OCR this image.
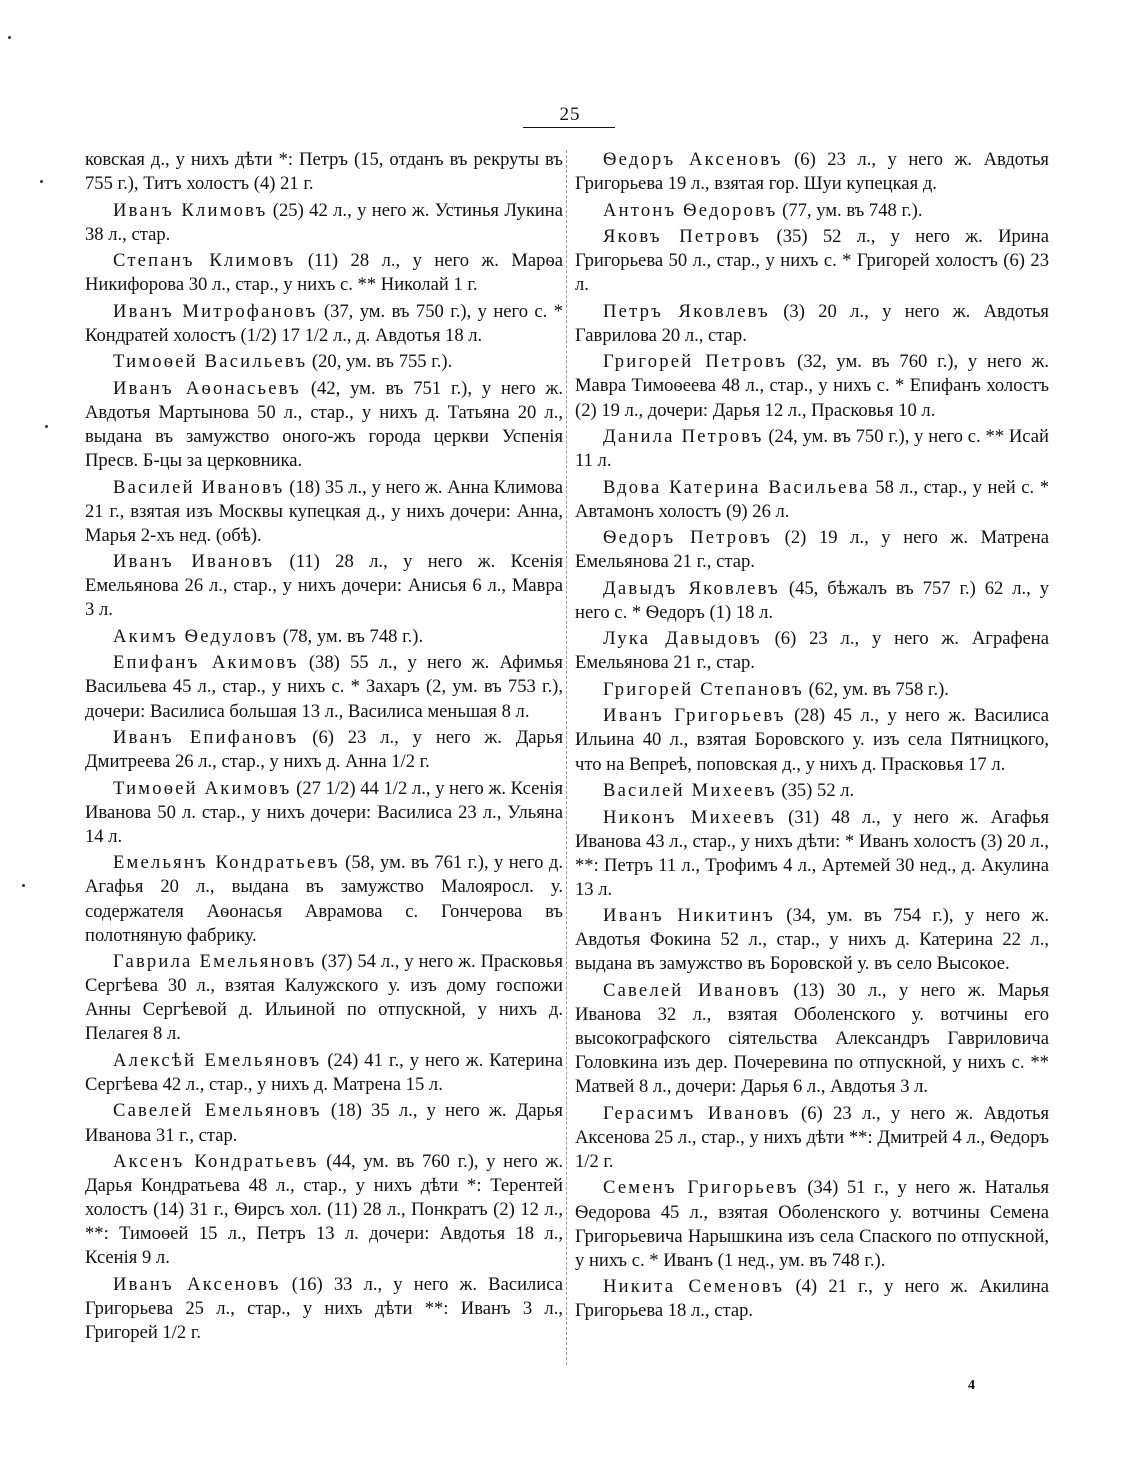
25

ковская д., у нихъ дѣти *: Петръ (15, отданъ въ рекруты въ 755 г.), Титъ холостъ (4) 21 г.

Иванъ Климовъ (25) 42 л., у него ж. Устинья Лукина 38 л., стар.

Степанъ Климовъ (11) 28 л., у него ж. Марѳа Никифорова 30 л., стар., у нихъ с. ** Николай 1 г.

Иванъ Митрофановъ (37, ум. въ 750 г.), у него с. * Кондратей холостъ (1/2) 17 1/2 л., д. Авдотья 18 л.

Тимоѳей Васильевъ (20, ум. въ 755 г.).

Иванъ Аѳонасьевъ (42, ум. въ 751 г.), у него ж. Авдотья Мартынова 50 л., стар., у нихъ д. Татьяна 20 л., выдана въ замужство оного-жъ города церкви Успенія Пресв. Б-цы за церковника.

Василей Ивановъ (18) 35 л., у него ж. Анна Климова 21 г., взятая изъ Москвы купецкая д., у нихъ дочери: Анна, Марья 2-хъ нед. (обѣ).

Иванъ Ивановъ (11) 28 л., у него ж. Ксенія Емельянова 26 л., стар., у нихъ дочери: Анисья 6 л., Мавра 3 л.

Акимъ Ѳедуловъ (78, ум. въ 748 г.).

Епифанъ Акимовъ (38) 55 л., у него ж. Афимья Васильева 45 л., стар., у нихъ с. * Захаръ (2, ум. въ 753 г.), дочери: Василиса большая 13 л., Василиса меньшая 8 л.

Иванъ Епифановъ (6) 23 л., у него ж. Дарья Дмитреева 26 л., стар., у нихъ д. Анна 1/2 г.

Тимоѳей Акимовъ (27 1/2) 44 1/2 л., у него ж. Ксенія Иванова 50 л. стар., у нихъ дочери: Василиса 23 л., Ульяна 14 л.

Емельянъ Кондратьевъ (58, ум. въ 761 г.), у него д. Агафья 20 л., выдана въ замужство Малояросл. у. содержателя Аѳонасья Аврамова с. Гончерова въ полотняную фабрику.

Гаврила Емельяновъ (37) 54 л., у него ж. Прасковья Сергѣева 30 л., взятая Калужского у. изъ дому госпожи Анны Сергѣевой д. Ильиной по отпускной, у нихъ д. Пелагея 8 л.

Алексѣй Емельяновъ (24) 41 г., у него ж. Катерина Сергѣева 42 л., стар., у нихъ д. Матрена 15 л.

Савелей Емельяновъ (18) 35 л., у него ж. Дарья Иванова 31 г., стар.

Аксенъ Кондратьевъ (44, ум. въ 760 г.), у него ж. Дарья Кондратьева 48 л., стар., у нихъ дѣти *: Терентей холостъ (14) 31 г., Ѳирсъ хол. (11) 28 л., Понкратъ (2) 12 л., **: Тимоѳей 15 л., Петръ 13 л. дочери: Авдотья 18 л., Ксенія 9 л.

Иванъ Аксеновъ (16) 33 л., у него ж. Василиса Григорьева 25 л., стар., у нихъ дѣти **: Иванъ 3 л., Григорей 1/2 г.

Ѳедоръ Аксеновъ (6) 23 л., у него ж. Авдотья Григорьева 19 л., взятая гор. Шуи купецкая д.

Антонъ Ѳедоровъ (77, ум. въ 748 г.).

Яковъ Петровъ (35) 52 л., у него ж. Ирина Григорьева 50 л., стар., у нихъ с. * Григорей холостъ (6) 23 л.

Петръ Яковлевъ (3) 20 л., у него ж. Авдотья Гаврилова 20 л., стар.

Григорей Петровъ (32, ум. въ 760 г.), у него ж. Мавра Тимоѳеева 48 л., стар., у нихъ с. * Епифанъ холостъ (2) 19 л., дочери: Дарья 12 л., Прасковья 10 л.

Данила Петровъ (24, ум. въ 750 г.), у него с. ** Исай 11 л.

Вдова Катерина Васильева 58 л., стар., у ней с. * Автамонъ холостъ (9) 26 л.

Ѳедоръ Петровъ (2) 19 л., у него ж. Матрена Емельянова 21 г., стар.

Давыдъ Яковлевъ (45, бѣжалъ въ 757 г.) 62 л., у него с. * Ѳедоръ (1) 18 л.

Лука Давыдовъ (6) 23 л., у него ж. Аграфена Емельянова 21 г., стар.

Григорей Степановъ (62, ум. въ 758 г.).

Иванъ Григорьевъ (28) 45 л., у него ж. Василиса Ильина 40 л., взятая Боровского у. изъ села Пятницкого, что на Вепреѣ, поповская д., у нихъ д. Прасковья 17 л.

Василей Михеевъ (35) 52 л.

Никонъ Михеевъ (31) 48 л., у него ж. Агафья Иванова 43 л., стар., у нихъ дѣти: * Иванъ холостъ (3) 20 л., **: Петръ 11 л., Трофимъ 4 л., Артемей 30 нед., д. Акулина 13 л.

Иванъ Никитинъ (34, ум. въ 754 г.), у него ж. Авдотья Фокина 52 л., стар., у нихъ д. Катерина 22 л., выдана въ замужство въ Боровской у. въ село Высокое.

Савелей Ивановъ (13) 30 л., у него ж. Марья Иванова 32 л., взятая Оболенского у. вотчины его высокографского сіятельства Александръ Гавриловича Головкина изъ дер. Почеревина по отпускной, у нихъ с. ** Матвей 8 л., дочери: Дарья 6 л., Авдотья 3 л.

Герасимъ Ивановъ (6) 23 л., у него ж. Авдотья Аксенова 25 л., стар., у нихъ дѣти **: Дмитрей 4 л., Ѳедоръ 1/2 г.

Семенъ Григорьевъ (34) 51 г., у него ж. Наталья Ѳедорова 45 л., взятая Оболенского у. вотчины Семена Григорьевича Нарышкина изъ села Спаского по отпускной, у нихъ с. * Иванъ (1 нед., ум. въ 748 г.).

Никита Семеновъ (4) 21 г., у него ж. Акилина Григорьева 18 л., стар.

4
